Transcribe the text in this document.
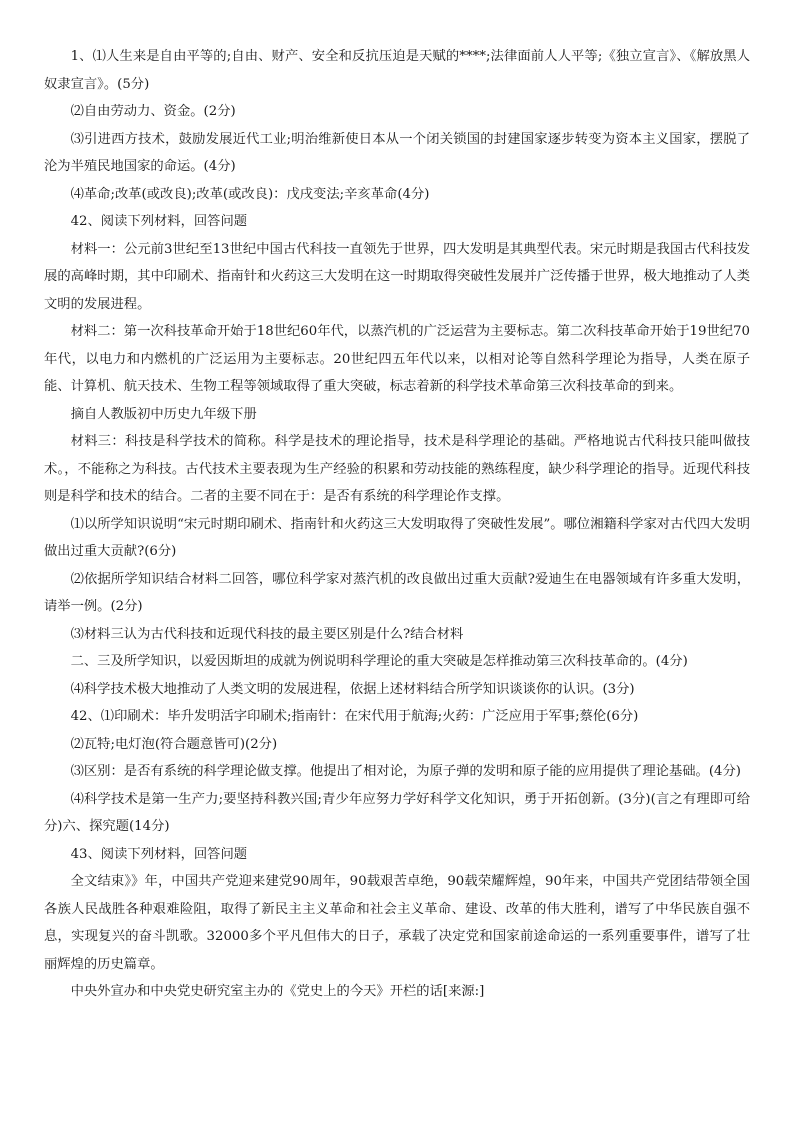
1、⑴人生来是自由平等的;自由、财产、安全和反抗压迫是天赋的****;法律面前人人平等;《独立宣言》、《解放黑人奴隶宣言》。(5分)

⑵自由劳动力、资金。(2分)

⑶引进西方技术，鼓励发展近代工业;明治维新使日本从一个闭关锁国的封建国家逐步转变为资本主义国家，摆脱了沦为半殖民地国家的命运。(4分)

⑷革命;改革(或改良);改革(或改良)：戊戌变法;辛亥革命(4分)

42、阅读下列材料，回答问题

材料一：公元前3世纪至13世纪中国古代科技一直领先于世界，四大发明是其典型代表。宋元时期是我国古代科技发展的高峰时期，其中印刷术、指南针和火药这三大发明在这一时期取得突破性发展并广泛传播于世界，极大地推动了人类文明的发展进程。

材料二：第一次科技革命开始于18世纪60年代，以蒸汽机的广泛运营为主要标志。第二次科技革命开始于19世纪70年代，以电力和内燃机的广泛运用为主要标志。20世纪四五年代以来，以相对论等自然科学理论为指导，人类在原子能、计算机、航天技术、生物工程等领域取得了重大突破，标志着新的科学技术革命第三次科技革命的到来。

摘自人教版初中历史九年级下册

材料三：科技是科学技术的简称。科学是技术的理论指导，技术是科学理论的基础。严格地说古代科技只能叫做技术。，不能称之为科技。古代技术主要表现为生产经验的积累和劳动技能的熟练程度，缺少科学理论的指导。近现代科技则是科学和技术的结合。二者的主要不同在于：是否有系统的科学理论作支撑。

⑴以所学知识说明“宋元时期印刷术、指南针和火药这三大发明取得了突破性发展”。哪位湘籍科学家对古代四大发明做出过重大贡献?(6分)

⑵依据所学知识结合材料二回答，哪位科学家对蒸汽机的改良做出过重大贡献?爱迪生在电器领域有许多重大发明，请举一例。(2分)

⑶材料三认为古代科技和近现代科技的最主要区别是什么?结合材料

二、三及所学知识，以爱因斯坦的成就为例说明科学理论的重大突破是怎样推动第三次科技革命的。(4分)

⑷科学技术极大地推动了人类文明的发展进程，依据上述材料结合所学知识谈谈你的认识。(3分)

42、⑴印刷术：毕升发明活字印刷术;指南针：在宋代用于航海;火药：广泛应用于军事;蔡伦(6分)

⑵瓦特;电灯泡(符合题意皆可)(2分)

⑶区别：是否有系统的科学理论做支撑。他提出了相对论，为原子弹的发明和原子能的应用提供了理论基础。(4分)

⑷科学技术是第一生产力;要坚持科教兴国;青少年应努力学好科学文化知识，勇于开拓创新。(3分)(言之有理即可给分)六、探究题(14分)

43、阅读下列材料，回答问题

全文结束》》年，中国共产党迎来建党90周年，90载艰苦卓绝，90载荣耀辉煌，90年来，中国共产党团结带领全国各族人民战胜各种艰难险阻，取得了新民主主义革命和社会主义革命、建设、改革的伟大胜利，谱写了中华民族自强不息，实现复兴的奋斗凯歌。32000多个平凡但伟大的日子，承载了决定党和国家前途命运的一系列重要事件，谱写了壮丽辉煌的历史篇章。

中央外宣办和中央党史研究室主办的《党史上的今天》开栏的话[来源:]
